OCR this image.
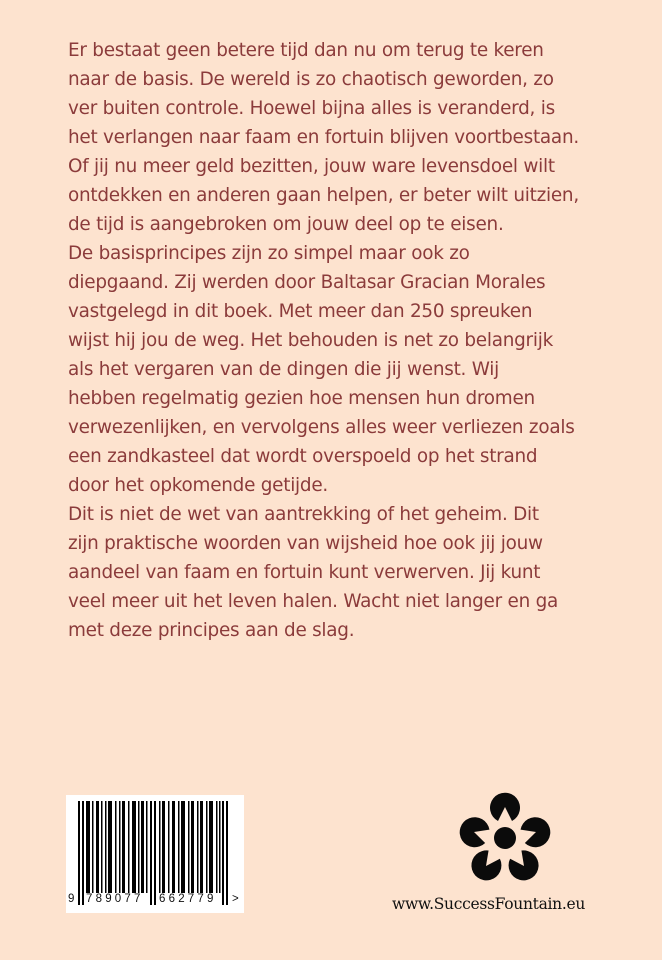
Er bestaat geen betere tijd dan nu om terug te keren
naar de basis. De wereld is zo chaotisch geworden, zo
ver buiten controle. Hoewel bijna alles is veranderd, is
het verlangen naar faam en fortuin blijven voortbestaan.
Of jij nu meer geld bezitten, jouw ware levensdoel wilt
ontdekken en anderen gaan helpen, er beter wilt uitzien,
de tijd is aangebroken om jouw deel op te eisen.
De basisprincipes zijn zo simpel maar ook zo
diepgaand. Zij werden door Baltasar Gracian Morales
vastgelegd in dit boek. Met meer dan 250 spreuken
wijst hij jou de weg. Het behouden is net zo belangrijk
als het vergaren van de dingen die jij wenst. Wij
hebben regelmatig gezien hoe mensen hun dromen
verwezenlijken, en vervolgens alles weer verliezen zoals
een zandkasteel dat wordt overspoeld op het strand
door het opkomende getijde.
Dit is niet de wet van aantrekking of het geheim. Dit
zijn praktische woorden van wijsheid hoe ook jij jouw
aandeel van faam en fortuin kunt verwerven. Jij kunt
veel meer uit het leven halen. Wacht niet langer en ga
met deze principes aan de slag.
9 789077 662779 >	www.SuccessFountain.eu
